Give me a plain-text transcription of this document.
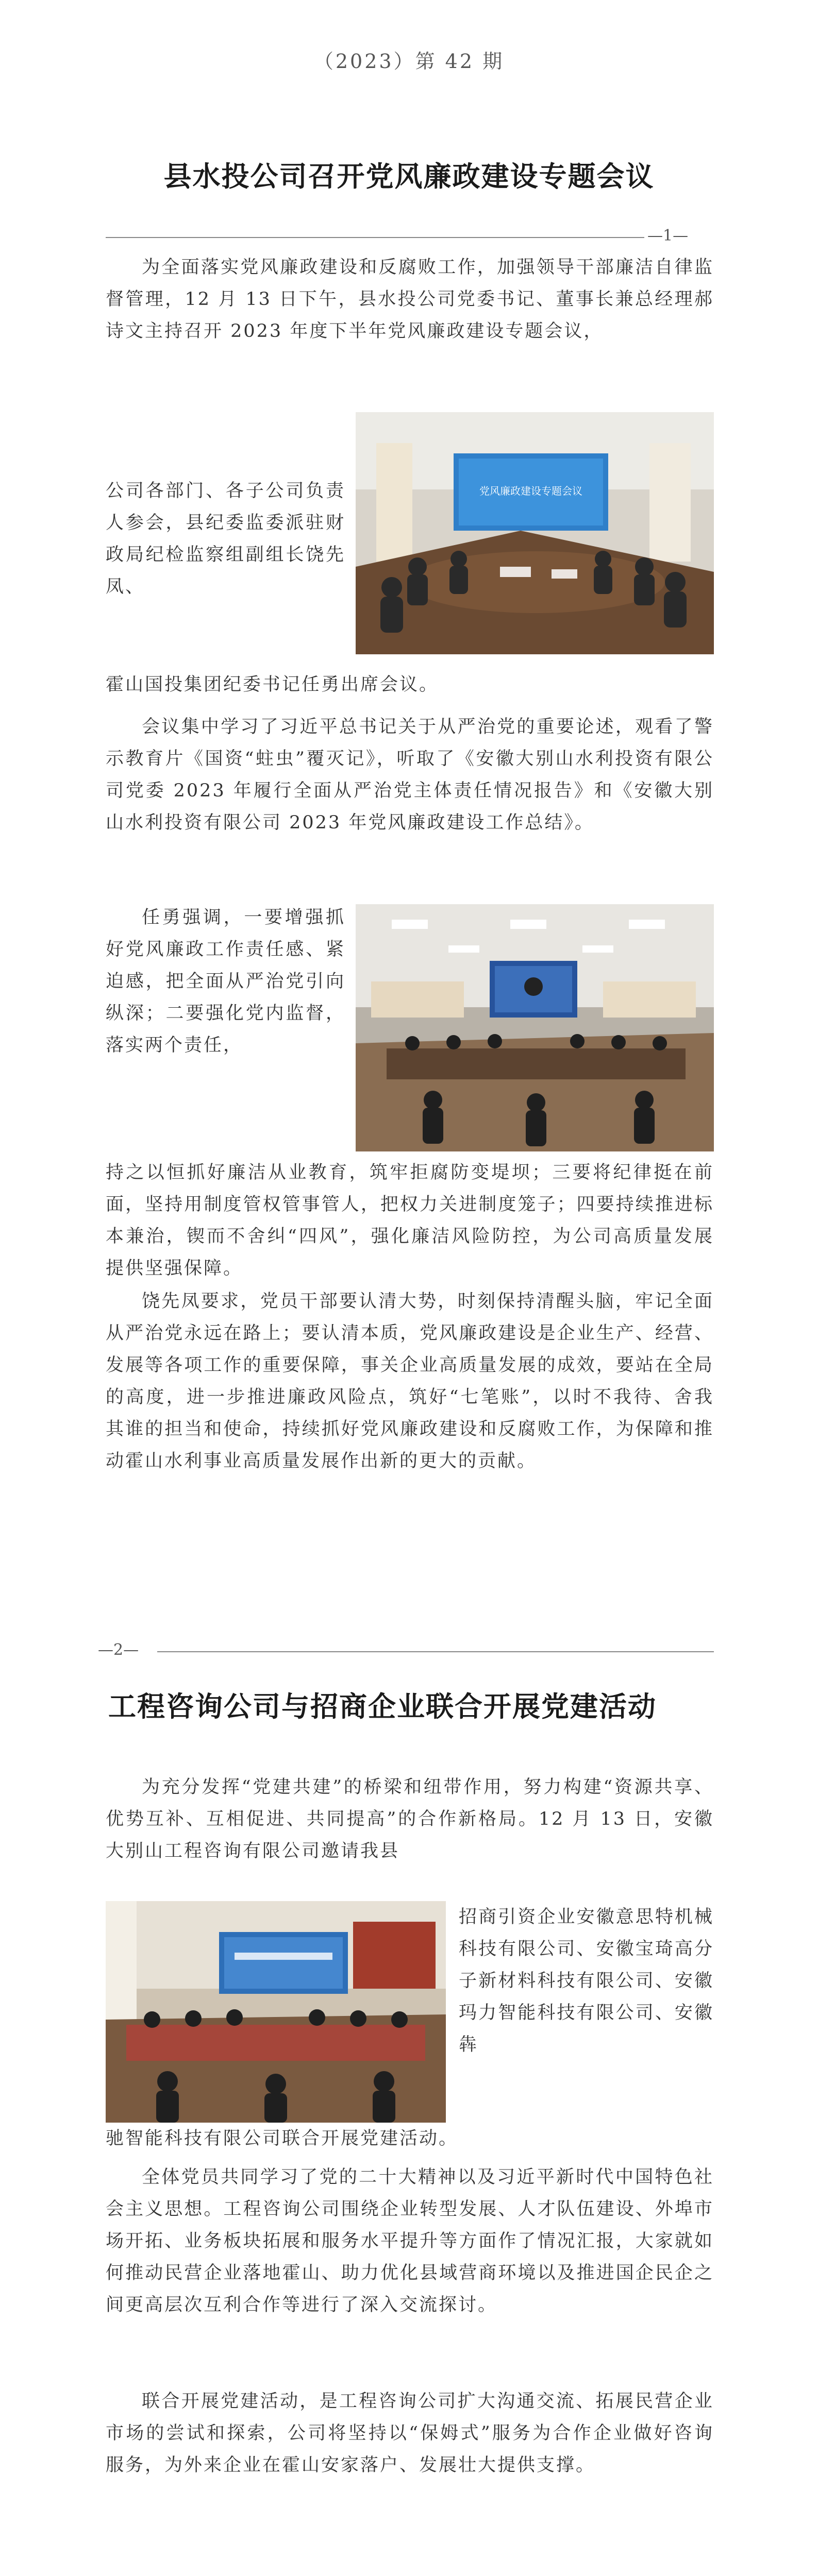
（2023）第 42 期
县水投公司召开党风廉政建设专题会议
—1—

为全面落实党风廉政建设和反腐败工作，加强领导干部廉洁自律监督管理，12 月 13 日下午，县水投公司党委书记、董事长兼总经理郝诗文主持召开 2023 年度下半年党风廉政建设专题会议，

公司各部门、各子公司负责人参会，县纪委监委派驻财政局纪检监察组副组长饶先凤、

霍山国投集团纪委书记任勇出席会议。

党风廉政建设专题会议

会议集中学习了习近平总书记关于从严治党的重要论述，观看了警示教育片《国资“蛀虫”覆灭记》，听取了《安徽大别山水利投资有限公司党委 2023 年履行全面从严治党主体责任情况报告》和《安徽大别山水利投资有限公司 2023 年党风廉政建设工作总结》。

任勇强调，一要增强抓好党风廉政工作责任感、紧迫感，把全面从严治党引向纵深；二要强化党内监督，落实两个责任，

持之以恒抓好廉洁从业教育，筑牢拒腐防变堤坝；三要将纪律挺在前面，坚持用制度管权管事管人，把权力关进制度笼子；四要持续推进标本兼治，锲而不舍纠“四风”，强化廉洁风险防控，为公司高质量发展提供坚强保障。

饶先凤要求，党员干部要认清大势，时刻保持清醒头脑，牢记全面从严治党永远在路上；要认清本质，党风廉政建设是企业生产、经营、发展等各项工作的重要保障，事关企业高质量发展的成效，要站在全局的高度，进一步推进廉政风险点，筑好“七笔账”，以时不我待、舍我其谁的担当和使命，持续抓好党风廉政建设和反腐败工作，为保障和推动霍山水利事业高质量发展作出新的更大的贡献。

—2—
工程咨询公司与招商企业联合开展党建活动

为充分发挥“党建共建”的桥梁和纽带作用，努力构建“资源共享、优势互补、互相促进、共同提高”的合作新格局。12 月 13 日，安徽大别山工程咨询有限公司邀请我县

招商引资企业安徽意思特机械科技有限公司、安徽宝琦高分子新材料科技有限公司、安徽玛力智能科技有限公司、安徽犇

驰智能科技有限公司联合开展党建活动。

全体党员共同学习了党的二十大精神以及习近平新时代中国特色社会主义思想。工程咨询公司围绕企业转型发展、人才队伍建设、外埠市场开拓、业务板块拓展和服务水平提升等方面作了情况汇报，大家就如何推动民营企业落地霍山、助力优化县域营商环境以及推进国企民企之间更高层次互利合作等进行了深入交流探讨。

联合开展党建活动，是工程咨询公司扩大沟通交流、拓展民营企业市场的尝试和探索，公司将坚持以“保姆式”服务为合作企业做好咨询服务，为外来企业在霍山安家落户、发展壮大提供支撑。
